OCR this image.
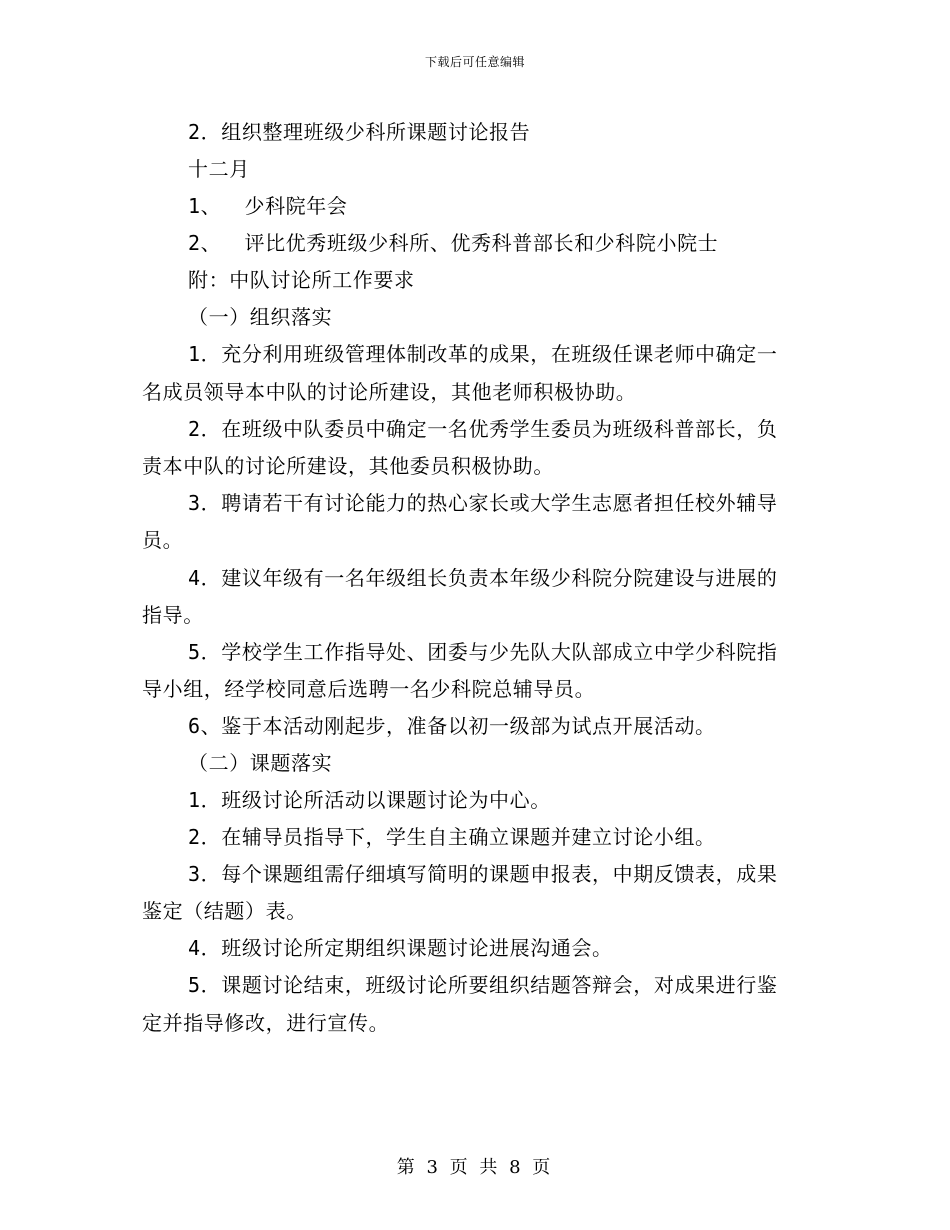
下载后可任意编辑
2．组织整理班级少科所课题讨论报告
十二月
1、　 少科院年会
2、　 评比优秀班级少科所、优秀科普部长和少科院小院士
附：中队讨论所工作要求
（一）组织落实
1．充分利用班级管理体制改革的成果，在班级任课老师中确定一
名成员领导本中队的讨论所建设，其他老师积极协助。
2．在班级中队委员中确定一名优秀学生委员为班级科普部长，负
责本中队的讨论所建设，其他委员积极协助。
3．聘请若干有讨论能力的热心家长或大学生志愿者担任校外辅导
员。
4．建议年级有一名年级组长负责本年级少科院分院建设与进展的
指导。
5．学校学生工作指导处、团委与少先队大队部成立中学少科院指
导小组，经学校同意后选聘一名少科院总辅导员。
6、鉴于本活动刚起步，准备以初一级部为试点开展活动。
（二）课题落实
1．班级讨论所活动以课题讨论为中心。
2．在辅导员指导下，学生自主确立课题并建立讨论小组。
3．每个课题组需仔细填写简明的课题申报表，中期反馈表，成果
鉴定（结题）表。
4．班级讨论所定期组织课题讨论进展沟通会。
5．课题讨论结束，班级讨论所要组织结题答辩会，对成果进行鉴
定并指导修改，进行宣传。
第 3 页 共 8 页
